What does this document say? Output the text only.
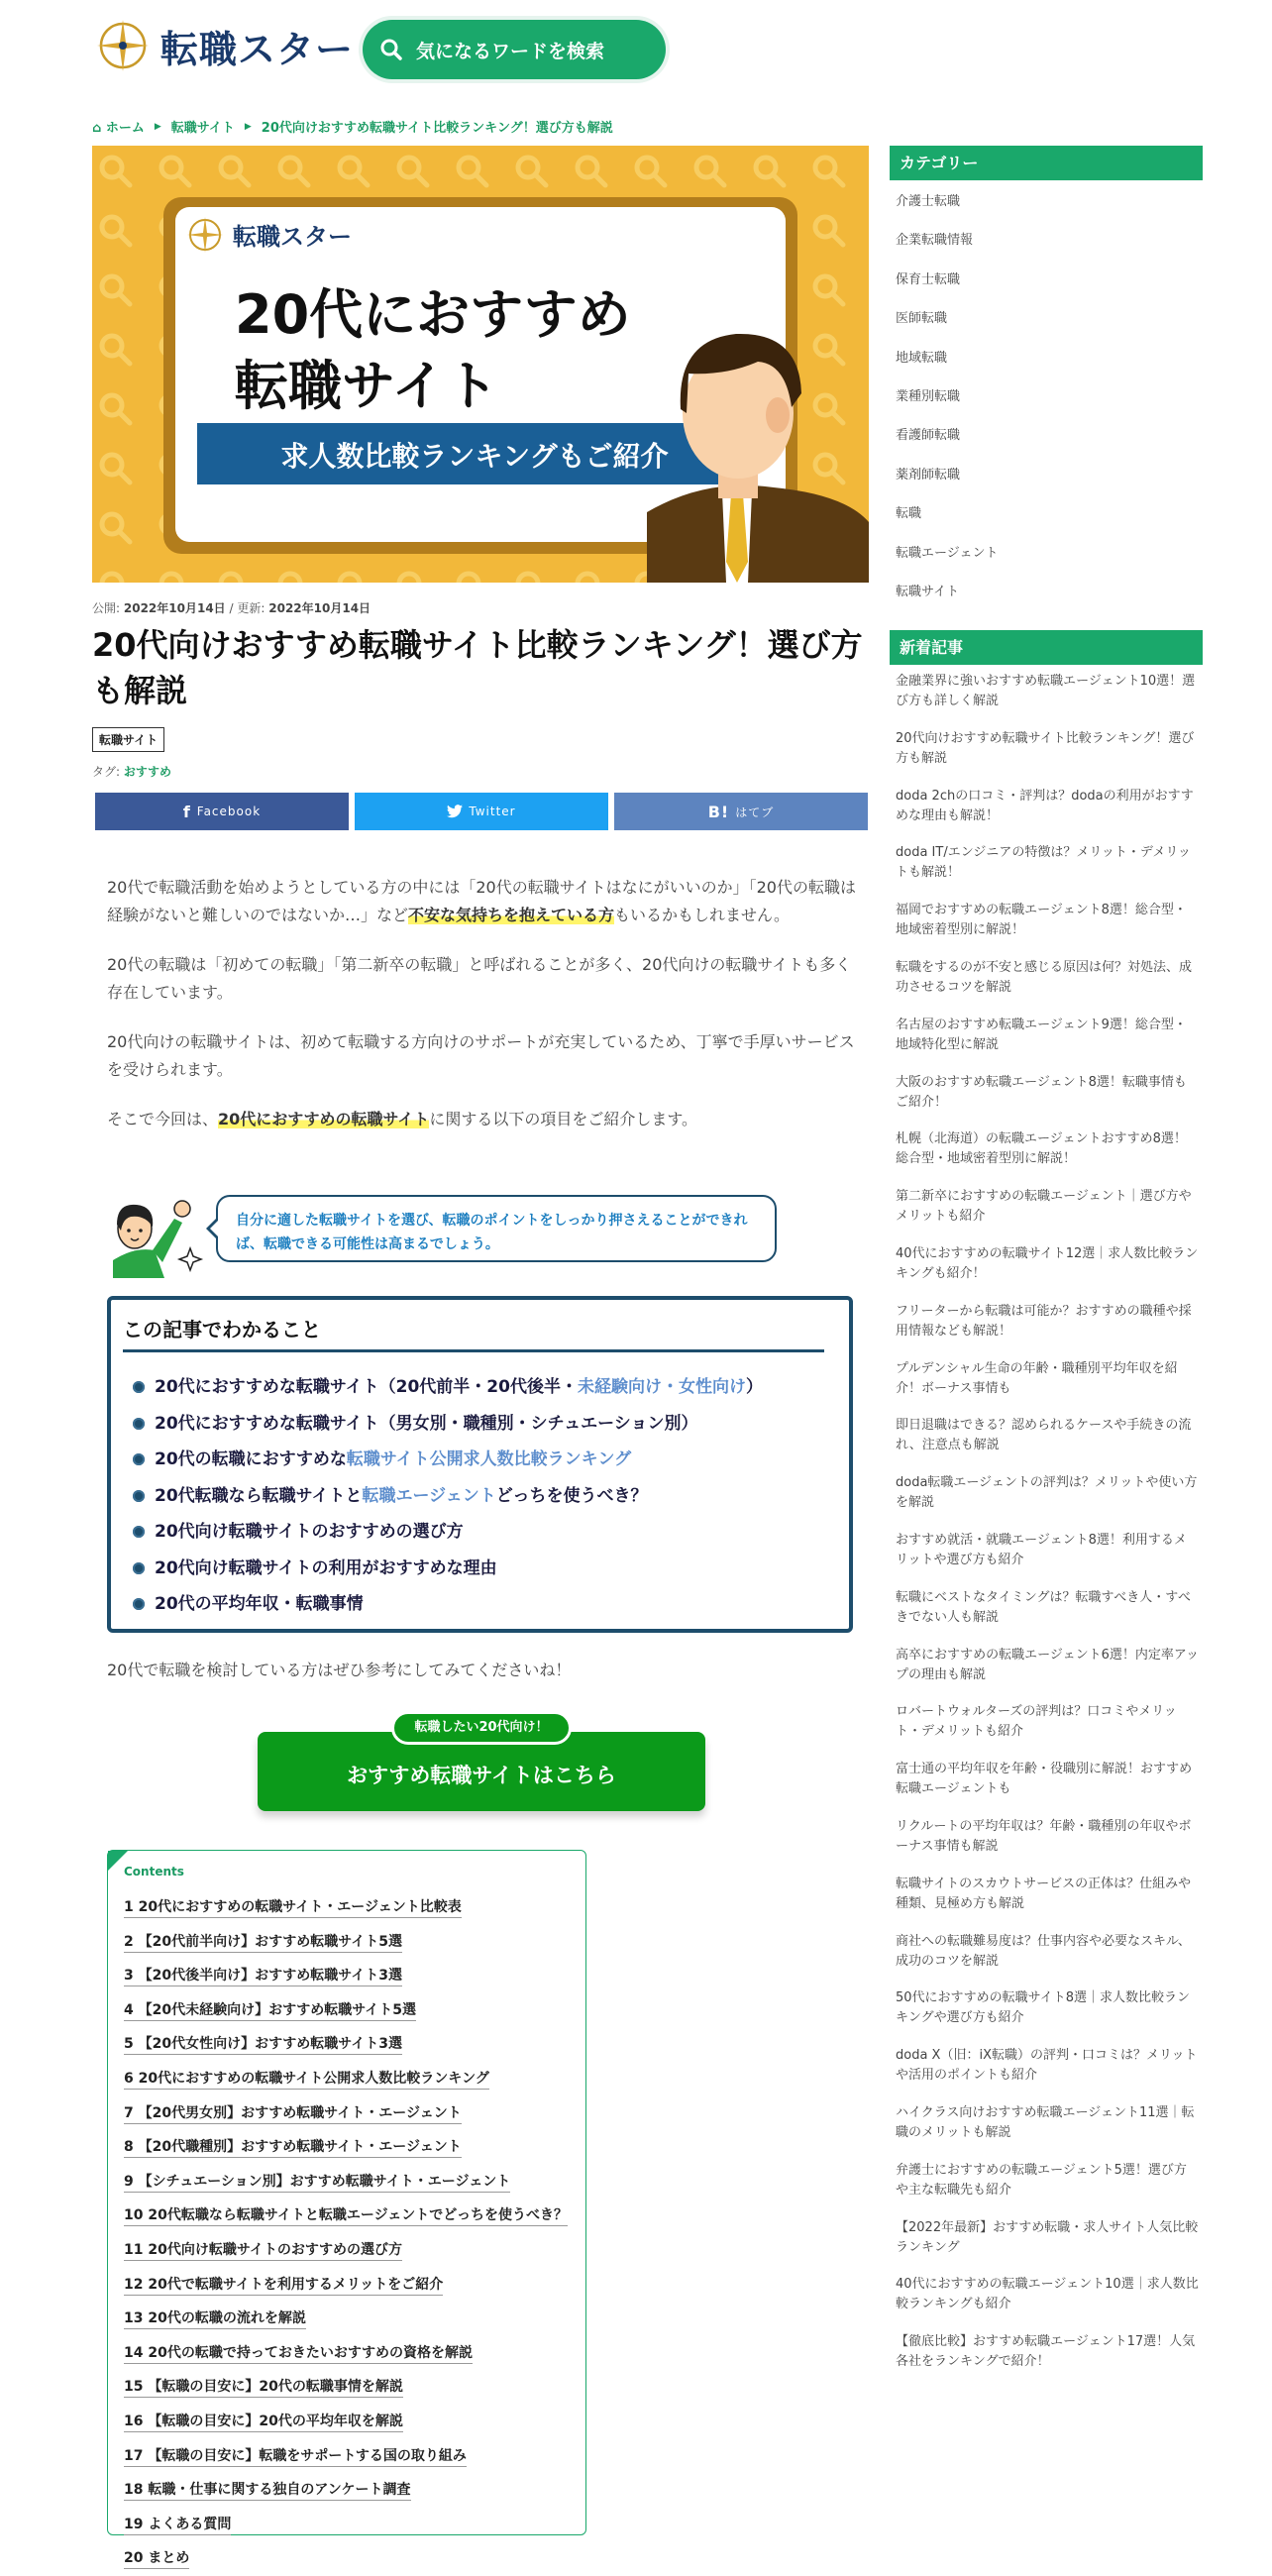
転職スター	気になるワードを検索
⌂ ホーム ▶ 転職サイト ▶ 20代向けおすすめ転職サイト比較ランキング！選び方も解説
転職スター
20代におすすめ
転職サイト
求人数比較ランキングもご紹介
公開: 2022年10月14日 / 更新: 2022年10月14日
20代向けおすすめ転職サイト比較ランキング！選び方も解説
転職サイト
タグ: おすすめ
f Facebook	Twitter	B! はてブ

20代で転職活動を始めようとしている方の中には「20代の転職サイトはなにがいいのか」「20代の転職は経験がないと難しいのではないか…」など不安な気持ちを抱えている方もいるかもしれません。

20代の転職は「初めての転職」「第二新卒の転職」と呼ばれることが多く、20代向けの転職サイトも多く存在しています。

20代向けの転職サイトは、初めて転職する方向けのサポートが充実しているため、丁寧で手厚いサービスを受けられます。

そこで今回は、20代におすすめの転職サイトに関する以下の項目をご紹介します。

自分に適した転職サイトを選び、転職のポイントをしっかり押さえることができれば、転職できる可能性は高まるでしょう。
この記事でわかること
20代におすすめな転職サイト（20代前半・20代後半・ 未経験向け・女性向け ）
20代におすすめな転職サイト（男女別・職種別・シチュエーション別）
20代の転職におすすめな 転職サイト公開求人数比較ランキング
20代転職なら転職サイトと 転職エージェント どっちを使うべき？
20代向け転職サイトのおすすめの選び方
20代向け転職サイトの利用がおすすめな理由
20代の平均年収・転職事情

20代で転職を検討している方はぜひ参考にしてみてくださいね！

おすすめ転職サイトはこちら
転職したい20代向け！
Contents
1 20代におすすめの転職サイト・エージェント比較表
2 【20代前半向け】おすすめ転職サイト5選
3 【20代後半向け】おすすめ転職サイト3選
4 【20代未経験向け】おすすめ転職サイト5選
5 【20代女性向け】おすすめ転職サイト3選
6 20代におすすめの転職サイト公開求人数比較ランキング
7 【20代男女別】おすすめ転職サイト・エージェント
8 【20代職種別】おすすめ転職サイト・エージェント
9 【シチュエーション別】おすすめ転職サイト・エージェント
10 20代転職なら転職サイトと転職エージェントでどっちを使うべき？
11 20代向け転職サイトのおすすめの選び方
12 20代で転職サイトを利用するメリットをご紹介
13 20代の転職の流れを解説
14 20代の転職で持っておきたいおすすめの資格を解説
15 【転職の目安に】20代の転職事情を解説
16 【転職の目安に】20代の平均年収を解説
17 【転職の目安に】転職をサポートする国の取り組み
18 転職・仕事に関する独自のアンケート調査
19 よくある質問
20 まとめ
カテゴリー
介護士転職
企業転職情報
保育士転職
医師転職
地域転職
業種別転職
看護師転職
薬剤師転職
転職
転職エージェント
転職サイト
新着記事
金融業界に強いおすすめ転職エージェント10選！選び方も詳しく解説
20代向けおすすめ転職サイト比較ランキング！選び方も解説
doda 2chの口コミ・評判は？dodaの利用がおすすめな理由も解説！
doda IT/エンジニアの特徴は？メリット・デメリットも解説！
福岡でおすすめの転職エージェント8選！総合型・地域密着型別に解説！
転職をするのが不安と感じる原因は何？対処法、成功させるコツを解説
名古屋のおすすめ転職エージェント9選！総合型・地域特化型に解説
大阪のおすすめ転職エージェント8選！転職事情もご紹介！
札幌（北海道）の転職エージェントおすすめ8選！総合型・地域密着型別に解説！
第二新卒におすすめの転職エージェント｜選び方やメリットも紹介
40代におすすめの転職サイト12選｜求人数比較ランキングも紹介！
フリーターから転職は可能か？おすすめの職種や採用情報なども解説！
プルデンシャル生命の年齢・職種別平均年収を紹介！ボーナス事情も
即日退職はできる？認められるケースや手続きの流れ、注意点も解説
doda転職エージェントの評判は？メリットや使い方を解説
おすすめ就活・就職エージェント8選！利用するメリットや選び方も紹介
転職にベストなタイミングは？転職すべき人・すべきでない人も解説
高卒におすすめの転職エージェント6選！内定率アップの理由も解説
ロバートウォルターズの評判は？口コミやメリット・デメリットも紹介
富士通の平均年収を年齢・役職別に解説！おすすめ転職エージェントも
リクルートの平均年収は？年齢・職種別の年収やボーナス事情も解説
転職サイトのスカウトサービスの正体は？仕組みや種類、見極め方も解説
商社への転職難易度は？仕事内容や必要なスキル、成功のコツを解説
50代におすすめの転職サイト8選｜求人数比較ランキングや選び方も紹介
doda X（旧：iX転職）の評判・口コミは？メリットや活用のポイントも紹介
ハイクラス向けおすすめ転職エージェント11選｜転職のメリットも解説
弁護士におすすめの転職エージェント5選！選び方や主な転職先も紹介
【2022年最新】おすすめ転職・求人サイト人気比較ランキング
40代におすすめの転職エージェント10選｜求人数比較ランキングも紹介
【徹底比較】おすすめ転職エージェント17選！人気各社をランキングで紹介！
